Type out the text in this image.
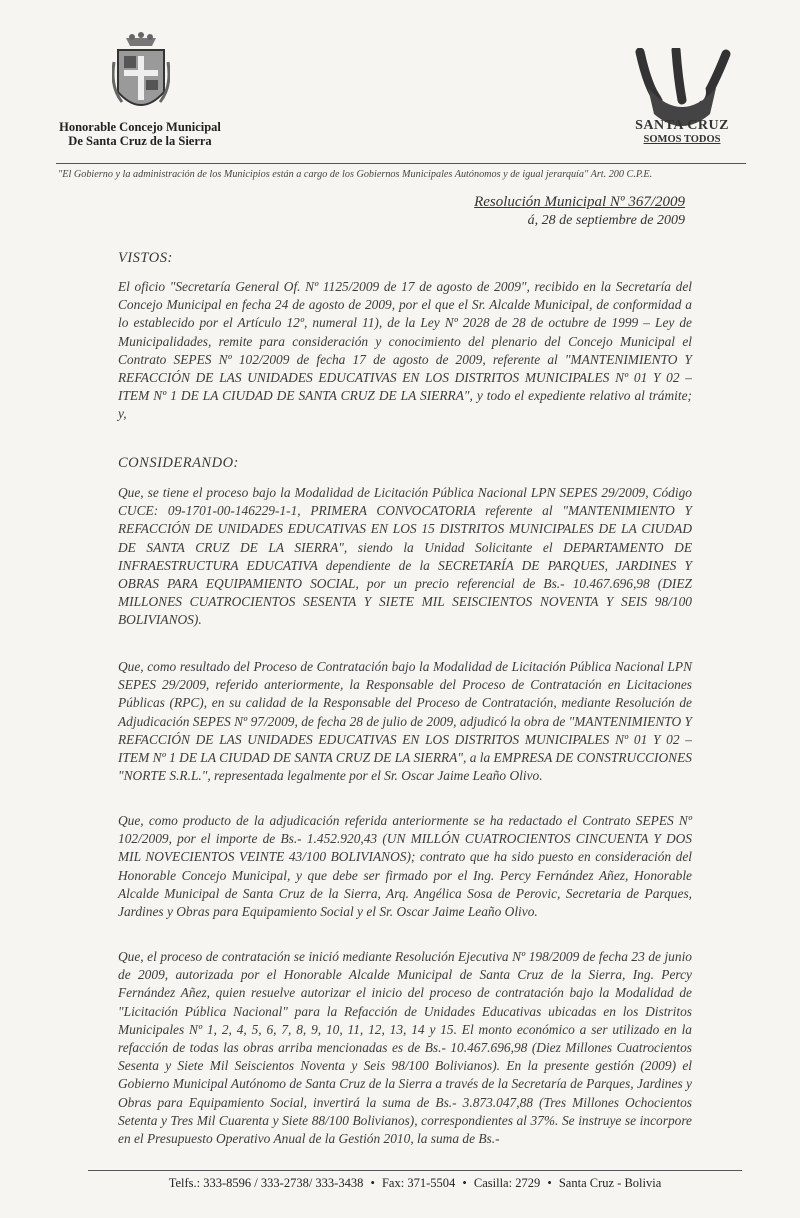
Honorable Concejo Municipal
De Santa Cruz de la Sierra
SANTA CRUZ
SOMOS TODOS
"El Gobierno y la administración de los Municipios están a cargo de los Gobiernos Municipales Autónomos y de igual jerarquía" Art. 200 C.P.E.
Resolución Municipal Nº 367/2009
á, 28 de septiembre de 2009
VISTOS:

El oficio "Secretaría General Of. Nº 1125/2009 de 17 de agosto de 2009", recibido en la Secretaría del Concejo Municipal en fecha 24 de agosto de 2009, por el que el Sr. Alcalde Municipal, de conformidad a lo establecido por el Artículo 12º, numeral 11), de la Ley Nº 2028 de 28 de octubre de 1999 – Ley de Municipalidades, remite para consideración y conocimiento del plenario del Concejo Municipal el Contrato SEPES Nº 102/2009 de fecha 17 de agosto de 2009, referente al "MANTENIMIENTO Y REFACCIÓN DE LAS UNIDADES EDUCATIVAS EN LOS DISTRITOS MUNICIPALES Nº 01 Y 02 – ITEM Nº 1 DE LA CIUDAD DE SANTA CRUZ DE LA SIERRA", y todo el expediente relativo al trámite; y,

CONSIDERANDO:

Que, se tiene el proceso bajo la Modalidad de Licitación Pública Nacional LPN SEPES 29/2009, Código CUCE: 09-1701-00-146229-1-1, PRIMERA CONVOCATORIA referente al "MANTENIMIENTO Y REFACCIÓN DE UNIDADES EDUCATIVAS EN LOS 15 DISTRITOS MUNICIPALES DE LA CIUDAD DE SANTA CRUZ DE LA SIERRA", siendo la Unidad Solicitante el DEPARTAMENTO DE INFRAESTRUCTURA EDUCATIVA dependiente de la SECRETARÍA DE PARQUES, JARDINES Y OBRAS PARA EQUIPAMIENTO SOCIAL, por un precio referencial de Bs.- 10.467.696,98 (DIEZ MILLONES CUATROCIENTOS SESENTA Y SIETE MIL SEISCIENTOS NOVENTA Y SEIS 98/100 BOLIVIANOS).

Que, como resultado del Proceso de Contratación bajo la Modalidad de Licitación Pública Nacional LPN SEPES 29/2009, referido anteriormente, la Responsable del Proceso de Contratación en Licitaciones Públicas (RPC), en su calidad de la Responsable del Proceso de Contratación, mediante Resolución de Adjudicación SEPES Nº 97/2009, de fecha 28 de julio de 2009, adjudicó la obra de "MANTENIMIENTO Y REFACCIÓN DE LAS UNIDADES EDUCATIVAS EN LOS DISTRITOS MUNICIPALES Nº 01 Y 02 – ITEM Nº 1 DE LA CIUDAD DE SANTA CRUZ DE LA SIERRA", a la EMPRESA DE CONSTRUCCIONES "NORTE S.R.L.", representada legalmente por el Sr. Oscar Jaime Leaño Olivo.

Que, como producto de la adjudicación referida anteriormente se ha redactado el Contrato SEPES Nº 102/2009, por el importe de Bs.- 1.452.920,43 (UN MILLÓN CUATROCIENTOS CINCUENTA Y DOS MIL NOVECIENTOS VEINTE 43/100 BOLIVIANOS); contrato que ha sido puesto en consideración del Honorable Concejo Municipal, y que debe ser firmado por el Ing. Percy Fernández Añez, Honorable Alcalde Municipal de Santa Cruz de la Sierra, Arq. Angélica Sosa de Perovic, Secretaria de Parques, Jardines y Obras para Equipamiento Social y el Sr. Oscar Jaime Leaño Olivo.

Que, el proceso de contratación se inició mediante Resolución Ejecutiva Nº 198/2009 de fecha 23 de junio de 2009, autorizada por el Honorable Alcalde Municipal de Santa Cruz de la Sierra, Ing. Percy Fernández Añez, quien resuelve autorizar el inicio del proceso de contratación bajo la Modalidad de "Licitación Pública Nacional" para la Refacción de Unidades Educativas ubicadas en los Distritos Municipales Nº 1, 2, 4, 5, 6, 7, 8, 9, 10, 11, 12, 13, 14 y 15. El monto económico a ser utilizado en la refacción de todas las obras arriba mencionadas es de Bs.- 10.467.696,98 (Diez Millones Cuatrocientos Sesenta y Siete Mil Seiscientos Noventa y Seis 98/100 Bolivianos). En la presente gestión (2009) el Gobierno Municipal Autónomo de Santa Cruz de la Sierra a través de la Secretaría de Parques, Jardines y Obras para Equipamiento Social, invertirá la suma de Bs.- 3.873.047,88 (Tres Millones Ochocientos Setenta y Tres Mil Cuarenta y Siete 88/100 Bolivianos), correspondientes al 37%. Se instruye se incorpore en el Presupuesto Operativo Anual de la Gestión 2010, la suma de Bs.-

Telfs.: 333-8596 / 333-2738/ 333-3438 • Fax: 371-5504 • Casilla: 2729 • Santa Cruz - Bolivia
